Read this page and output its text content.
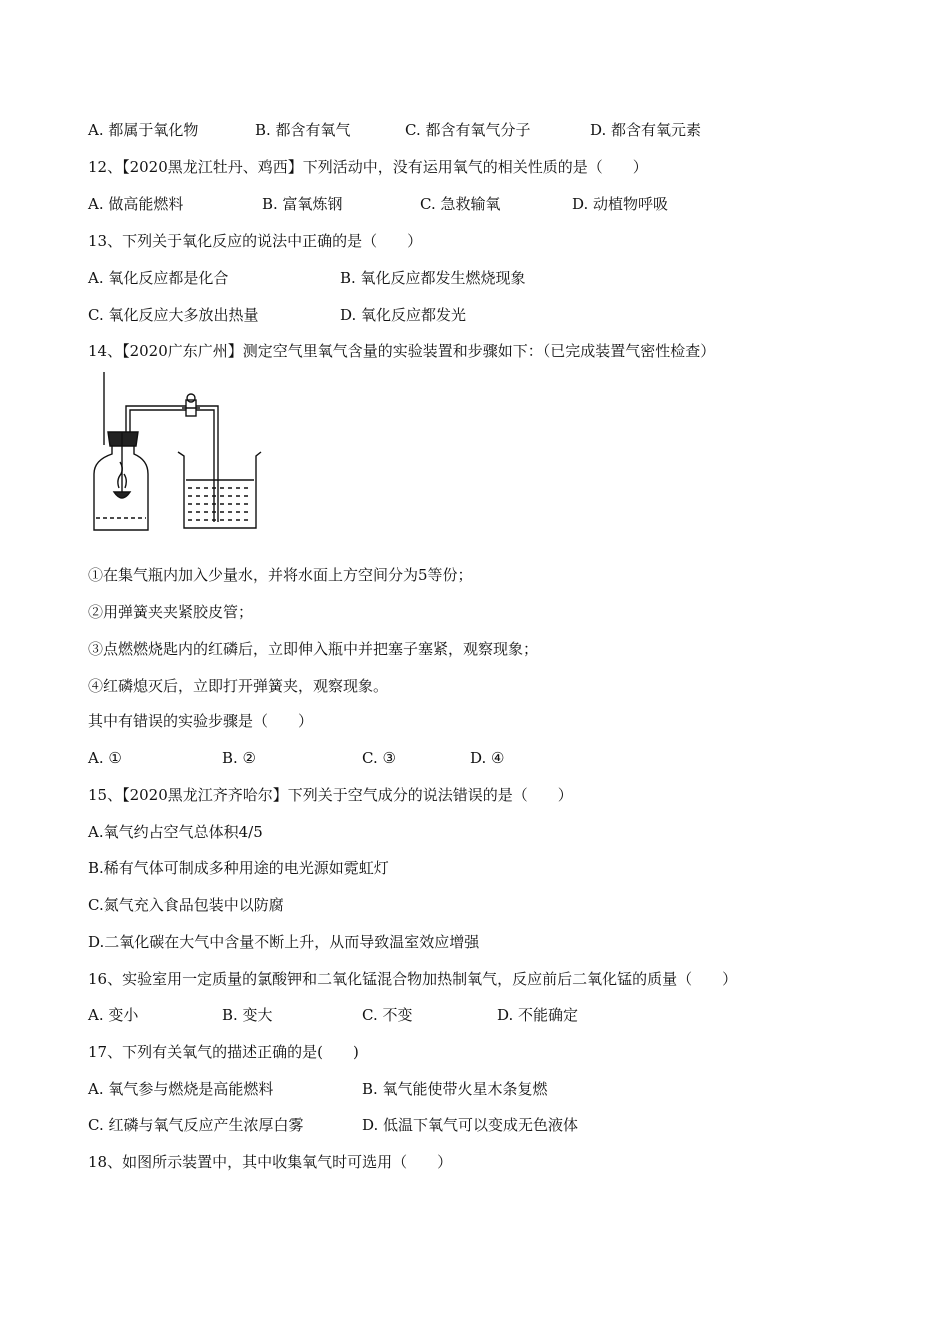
A. 都属于氧化物	B. 都含有氧气	C. 都含有氧气分子	D. 都含有氧元素
12、【2020黑龙江牡丹、鸡西】下列活动中，没有运用氧气的相关性质的是（　　）
A. 做高能燃料	B. 富氧炼钢	C. 急救输氧	D. 动植物呼吸
13、下列关于氧化反应的说法中正确的是（　　）
A. 氧化反应都是化合	B. 氧化反应都发生燃烧现象
C. 氧化反应大多放出热量	D. 氧化反应都发光
14、【2020广东广州】测定空气里氧气含量的实验装置和步骤如下：（已完成装置气密性检查）
①在集气瓶内加入少量水，并将水面上方空间分为5等份；
②用弹簧夹夹紧胶皮管；
③点燃燃烧匙内的红磷后，立即伸入瓶中并把塞子塞紧，观察现象；
④红磷熄灭后，立即打开弹簧夹，观察现象。
其中有错误的实验步骤是（　　）
A. ①	B. ②	C. ③	D. ④
15、【2020黑龙江齐齐哈尔】下列关于空气成分的说法错误的是（　　）
A.氧气约占空气总体积4/5
B.稀有气体可制成多种用途的电光源如霓虹灯
C.氮气充入食品包装中以防腐
D.二氧化碳在大气中含量不断上升，从而导致温室效应增强
16、实验室用一定质量的氯酸钾和二氧化锰混合物加热制氧气，反应前后二氧化锰的质量（　　）
A. 变小	B. 变大	C. 不变	D. 不能确定
17、下列有关氧气的描述正确的是(　　)
A. 氧气参与燃烧是高能燃料	B. 氧气能使带火星木条复燃
C. 红磷与氧气反应产生浓厚白雾	D. 低温下氧气可以变成无色液体
18、如图所示装置中，其中收集氧气时可选用（　　）
